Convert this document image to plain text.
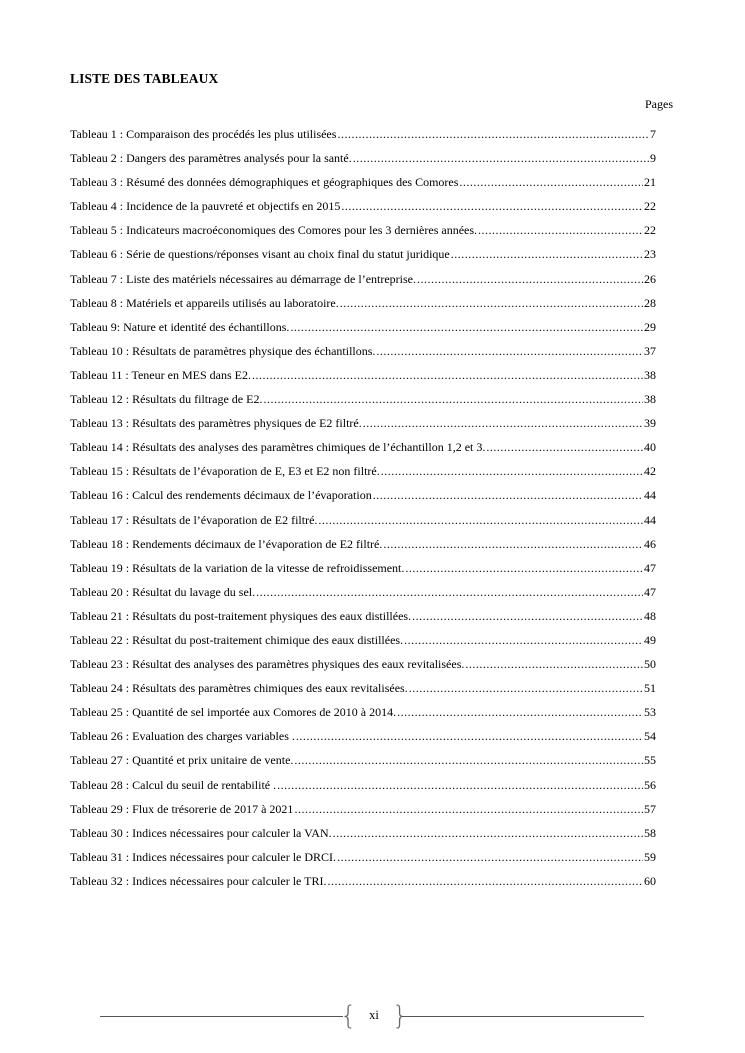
LISTE DES TABLEAUX
Pages
Tableau 1 : Comparaison des procédés les plus utilisées .....	7
Tableau 2 : Dangers des paramètres analysés pour la santé. .....	9
Tableau 3 : Résumé des données démographiques et géographiques des Comores .....	21
Tableau 4 : Incidence de la pauvreté et objectifs en 2015 .....	22
Tableau 5 : Indicateurs macroéconomiques des Comores pour les 3 dernières années. .....	22
Tableau 6 : Série de questions/réponses visant au choix final du statut juridique .....	23
Tableau 7 : Liste des matériels nécessaires au démarrage de l’entreprise. .....	26
Tableau 8 : Matériels et appareils utilisés au laboratoire. .....	28
Tableau 9: Nature et identité des échantillons. .....	29
Tableau 10 : Résultats de paramètres physique des échantillons. .....	37
Tableau 11 : Teneur en MES dans E2. .....	38
Tableau 12 : Résultats du filtrage de E2. .....	38
Tableau 13 : Résultats des paramètres physiques de E2 filtré. .....	39
Tableau 14 : Résultats des analyses des paramètres chimiques de l’échantillon 1,2 et 3. .....	40
Tableau 15 : Résultats de l’évaporation de E, E3 et E2 non filtré. .....	42
Tableau 16 : Calcul des rendements décimaux de l’évaporation .....	44
Tableau 17 : Résultats de l’évaporation de E2 filtré. .....	44
Tableau 18 : Rendements décimaux de l’évaporation de E2 filtré. .....	46
Tableau 19 : Résultats de la variation de la vitesse de refroidissement. .....	47
Tableau 20 : Résultat du lavage du sel. .....	47
Tableau 21 : Résultats du post-traitement physiques des eaux distillées. .....	48
Tableau 22 : Résultat du post-traitement chimique des eaux distillées. .....	49
Tableau 23 : Résultat des analyses des paramètres physiques des eaux revitalisées. .....	50
Tableau 24 : Résultats des paramètres chimiques des eaux revitalisées. .....	51
Tableau 25 : Quantité de sel importée aux Comores de 2010 à 2014. .....	53
Tableau 26 : Evaluation des charges variables . .....	54
Tableau 27 : Quantité et prix unitaire de vente. .....	55
Tableau 28 : Calcul du seuil de rentabilité . .....	56
Tableau 29 : Flux de trésorerie de 2017 à 2021 .....	57
Tableau 30 : Indices nécessaires pour calculer la VAN. .....	58
Tableau 31 : Indices nécessaires pour calculer le DRCI. .....	59
Tableau 32 : Indices nécessaires pour calculer le TRI. .....	60
{	xi }
